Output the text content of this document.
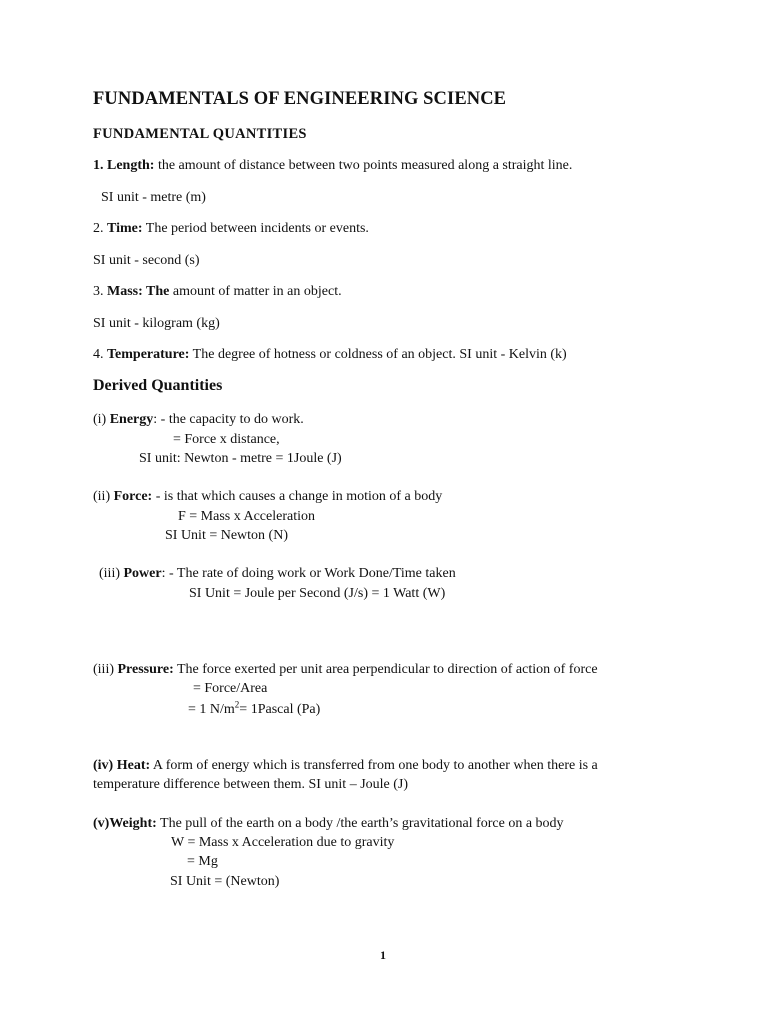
FUNDAMENTALS OF ENGINEERING SCIENCE
FUNDAMENTAL QUANTITIES
1. Length: the amount of distance between two points measured along a straight line.
SI unit - metre (m)
2. Time: The period between incidents or events.
SI unit - second (s)
3. Mass: The amount of matter in an object.
SI unit - kilogram (kg)
4. Temperature: The degree of hotness or coldness of an object. SI unit - Kelvin (k)
Derived Quantities
(i) Energy: - the capacity to do work.
= Force x distance,
SI unit: Newton - metre = 1Joule (J)
(ii) Force: - is that which causes a change in motion of a body
F = Mass x Acceleration
SI Unit = Newton (N)
(iii) Power: - The rate of doing work or Work Done/Time taken
SI Unit = Joule per Second (J/s) = 1 Watt (W)
(iii) Pressure: The force exerted per unit area perpendicular to direction of action of force
= Force/Area
= 1 $N/m^2=$ 1Pascal (Pa)
(iv) Heat: A form of energy which is transferred from one body to another when there is a
temperature difference between them. SI unit – Joule (J)
(v)Weight: The pull of the earth on a body /the earth’s gravitational force on a body
W = Mass x Acceleration due to gravity
= Mg
SI Unit = (Newton)
1
